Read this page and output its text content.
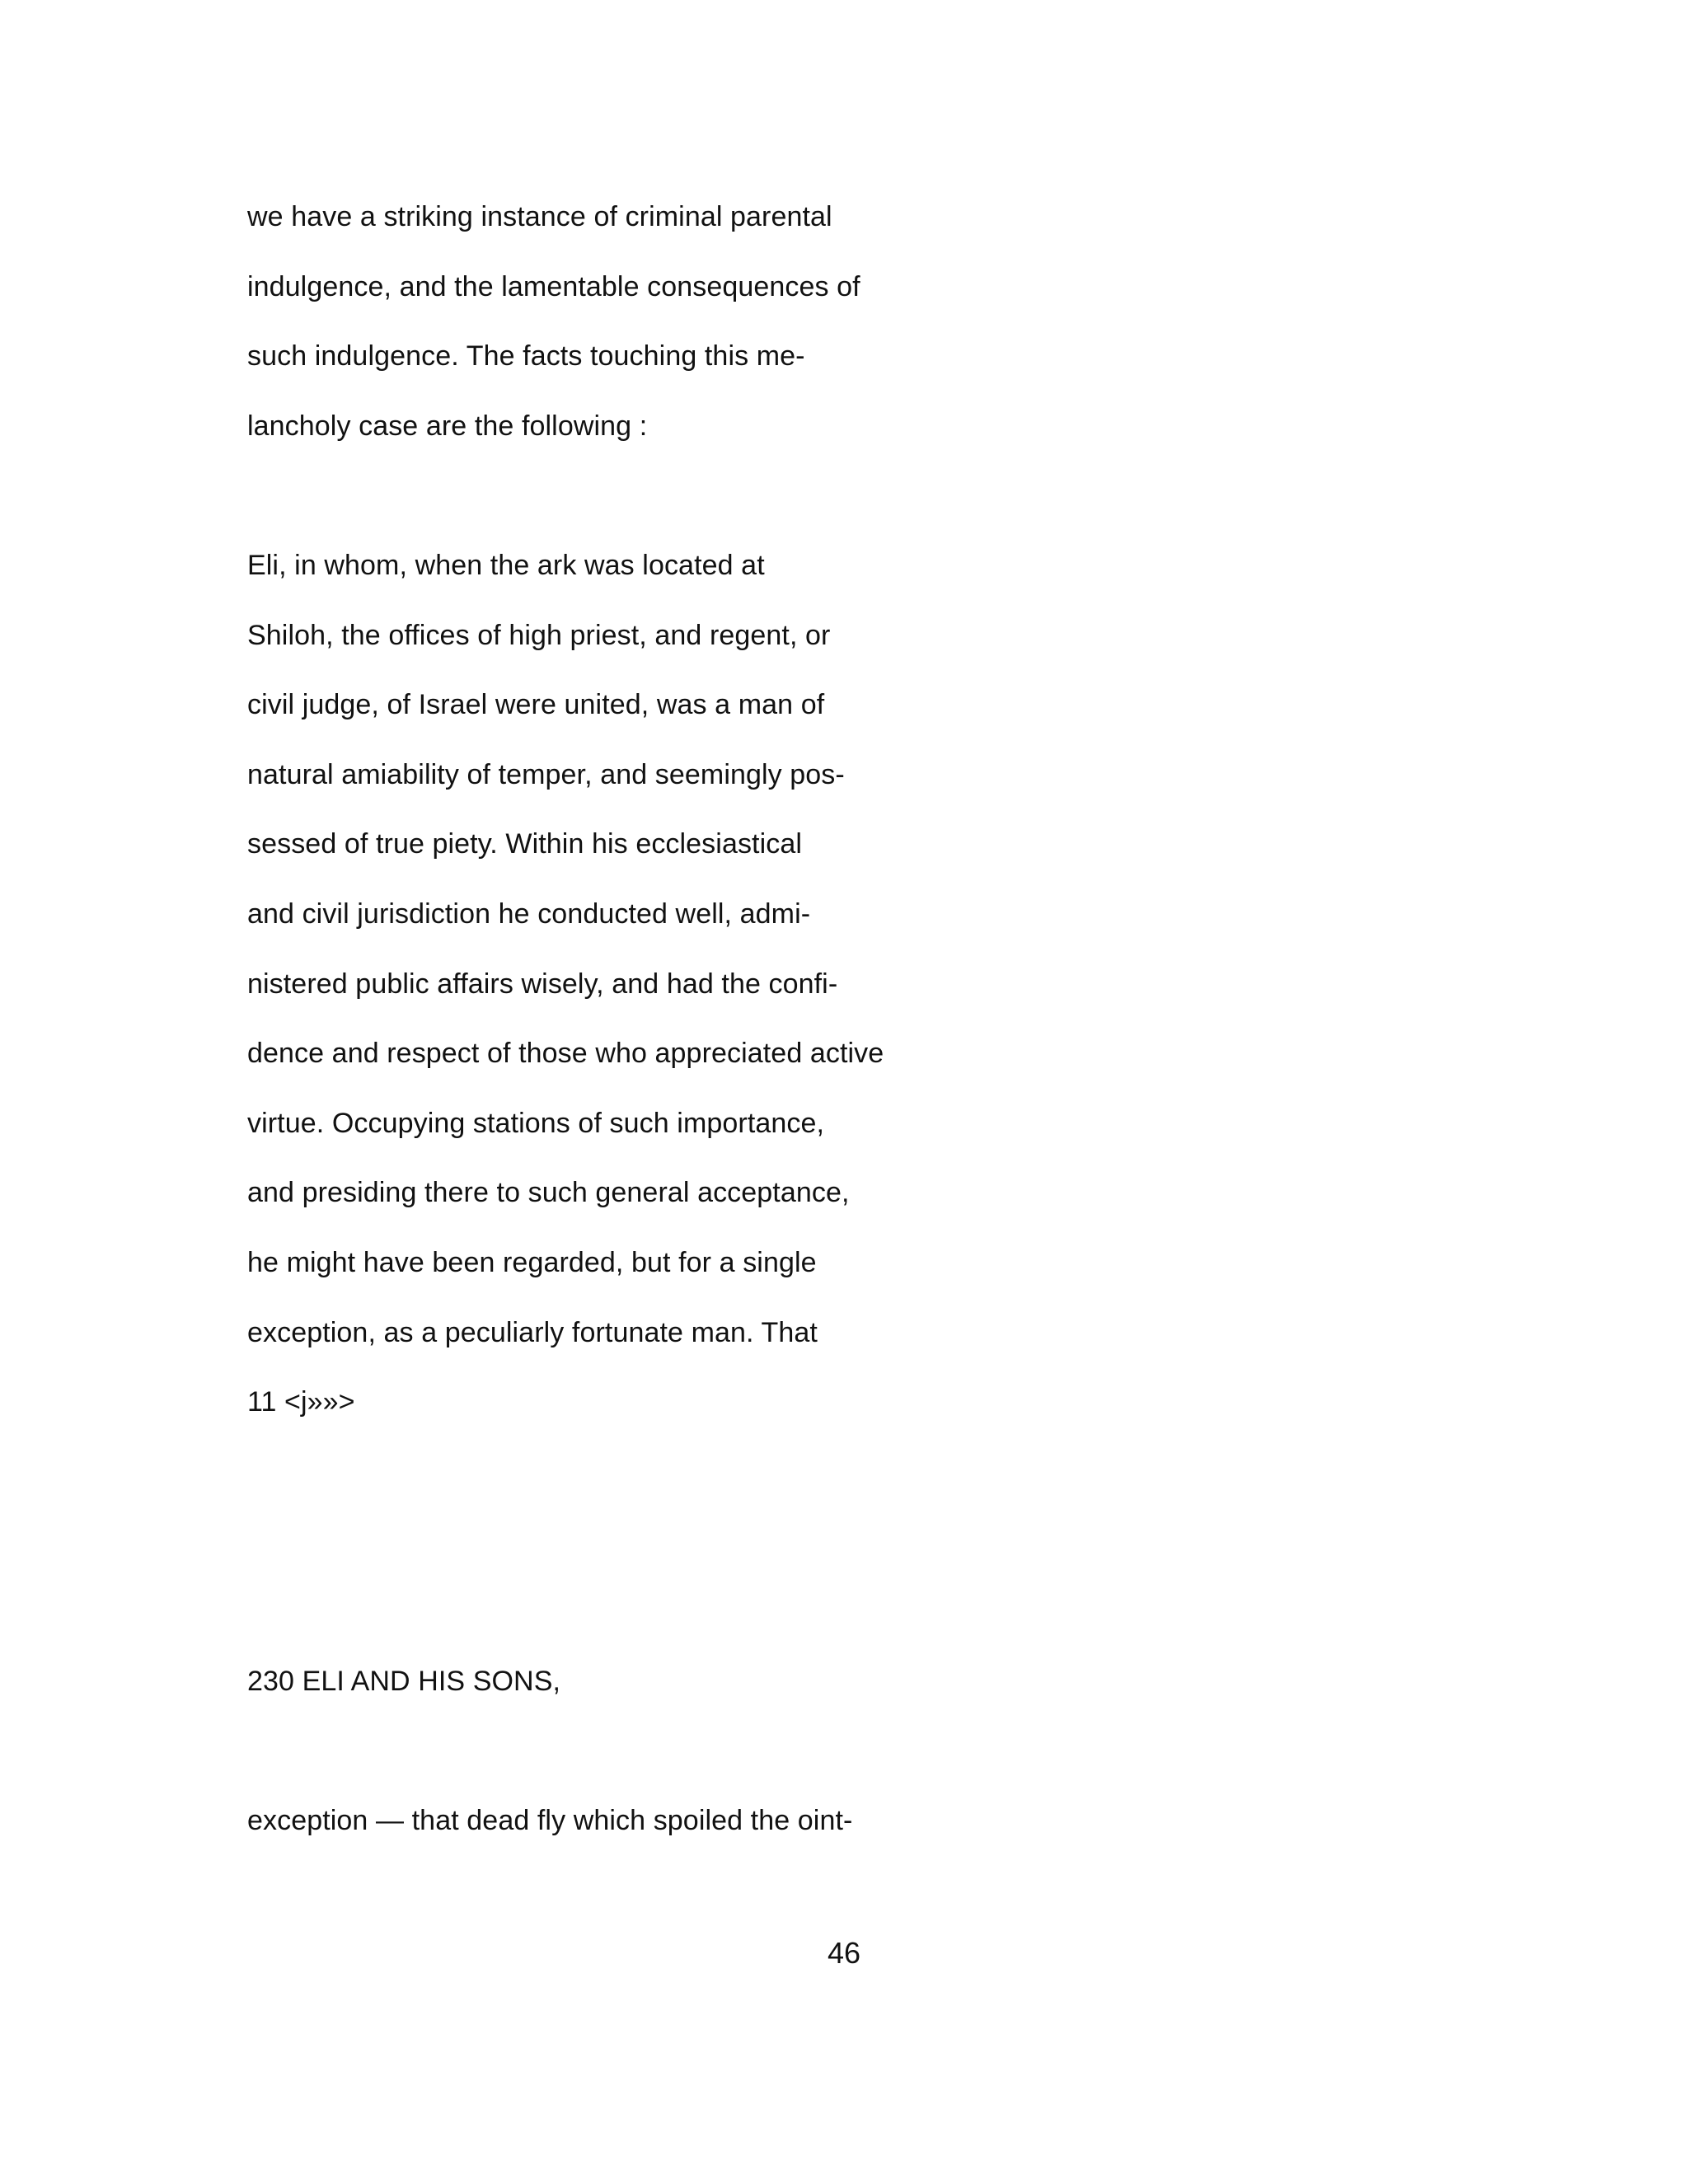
we have a striking instance of criminal parental
indulgence, and the lamentable consequences of
such indulgence. The facts touching this me-
lancholy case are the following :
Eli, in whom, when the ark was located at
Shiloh, the offices of high priest, and regent, or
civil judge, of Israel were united, was a man of
natural amiability of temper, and seemingly pos-
sessed of true piety. Within his ecclesiastical
and civil jurisdiction he conducted well, admi-
nistered public affairs wisely, and had the confi-
dence and respect of those who appreciated active
virtue. Occupying stations of such importance,
and presiding there to such general acceptance,
he might have been regarded, but for a single
exception, as a peculiarly fortunate man. That
11 <j»»>
230 ELI AND HIS SONS,
exception — that dead fly which spoiled the oint-
46
